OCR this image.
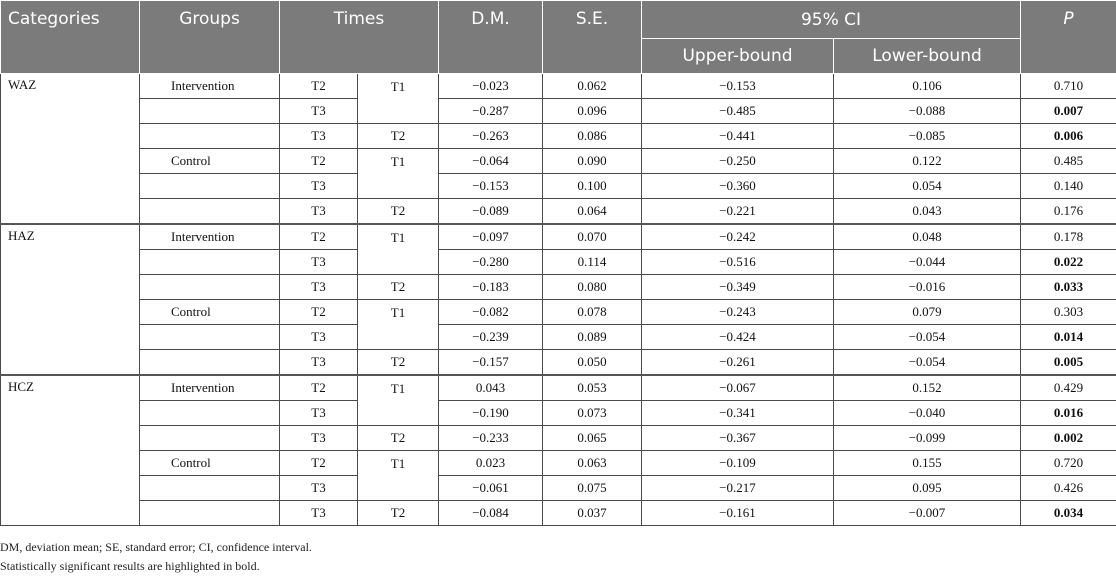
Categories	Groups	Times		D.M.	S.E.	95% CI		P
						Upper-bound	Lower-bound	
WAZ	Intervention	T2	T1	−0.023	0.062	−0.153	0.106	0.710
		T3		−0.287	0.096	−0.485	−0.088	0.007
		T3	T2	−0.263	0.086	−0.441	−0.085	0.006
	Control	T2	T1	−0.064	0.090	−0.250	0.122	0.485
		T3		−0.153	0.100	−0.360	0.054	0.140
		T3	T2	−0.089	0.064	−0.221	0.043	0.176
HAZ	Intervention	T2	T1	−0.097	0.070	−0.242	0.048	0.178
		T3		−0.280	0.114	−0.516	−0.044	0.022
		T3	T2	−0.183	0.080	−0.349	−0.016	0.033
	Control	T2	T1	−0.082	0.078	−0.243	0.079	0.303
		T3		−0.239	0.089	−0.424	−0.054	0.014
		T3	T2	−0.157	0.050	−0.261	−0.054	0.005
HCZ	Intervention	T2	T1	0.043	0.053	−0.067	0.152	0.429
		T3		−0.190	0.073	−0.341	−0.040	0.016
		T3	T2	−0.233	0.065	−0.367	−0.099	0.002
	Control	T2	T1	0.023	0.063	−0.109	0.155	0.720
		T3		−0.061	0.075	−0.217	0.095	0.426
		T3	T2	−0.084	0.037	−0.161	−0.007	0.034
DM, deviation mean; SE, standard error; CI, confidence interval.
Statistically significant results are highlighted in bold.
